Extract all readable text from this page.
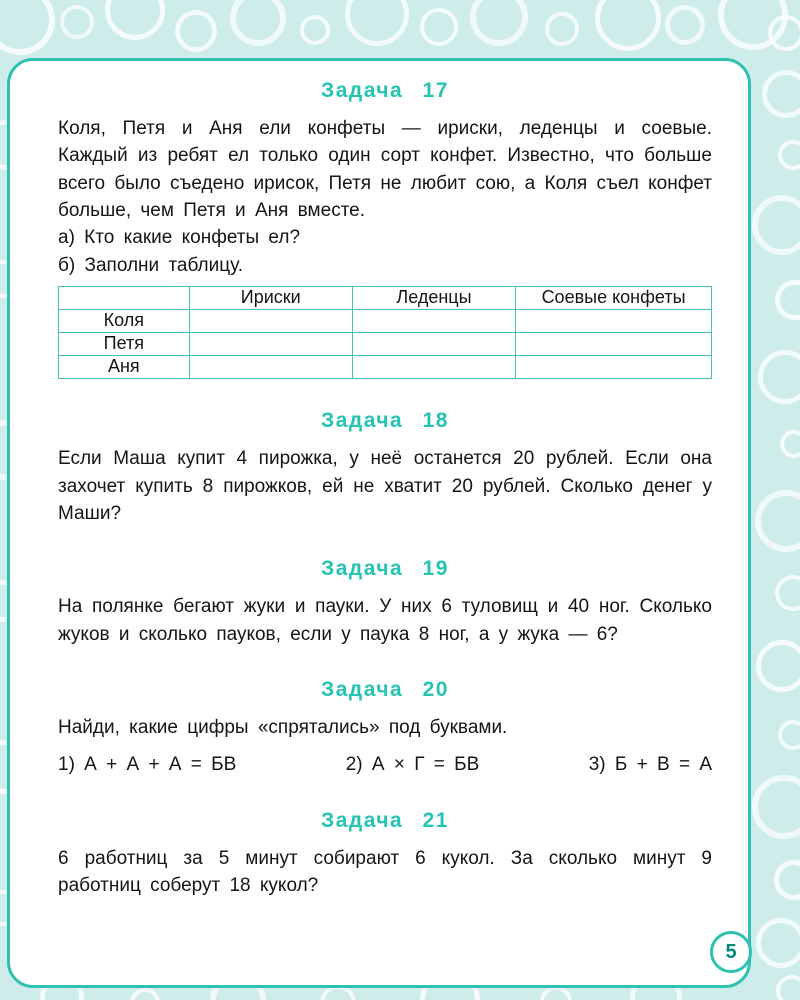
Задача 17

Коля, Петя и Аня ели конфеты — ириски, леденцы и соевые. Каждый из ребят ел только один сорт конфет. Известно, что больше всего было съедено ирисок, Петя не любит сою, а Коля съел конфет больше, чем Петя и Аня вместе.

а) Кто какие конфеты ел?

б) Заполни таблицу.

	Ириски	Леденцы	Соевые конфеты
Коля			
Петя			
Аня			
Задача 18

Если Маша купит 4 пирожка, у неё останется 20 рублей. Если она захочет купить 8 пирожков, ей не хватит 20 рублей. Сколько денег у Маши?

Задача 19

На полянке бегают жуки и пауки. У них 6 туловищ и 40 ног. Сколько жуков и сколько пауков, если у паука 8 ног, а у жука — 6?

Задача 20

Найди, какие цифры «спрятались» под буквами.

1) А + А + А = БВ	2) А × Г = БВ	3) Б + В = А
Задача 21

6 работниц за 5 минут собирают 6 кукол. За сколько минут 9 работниц соберут 18 кукол?

5
